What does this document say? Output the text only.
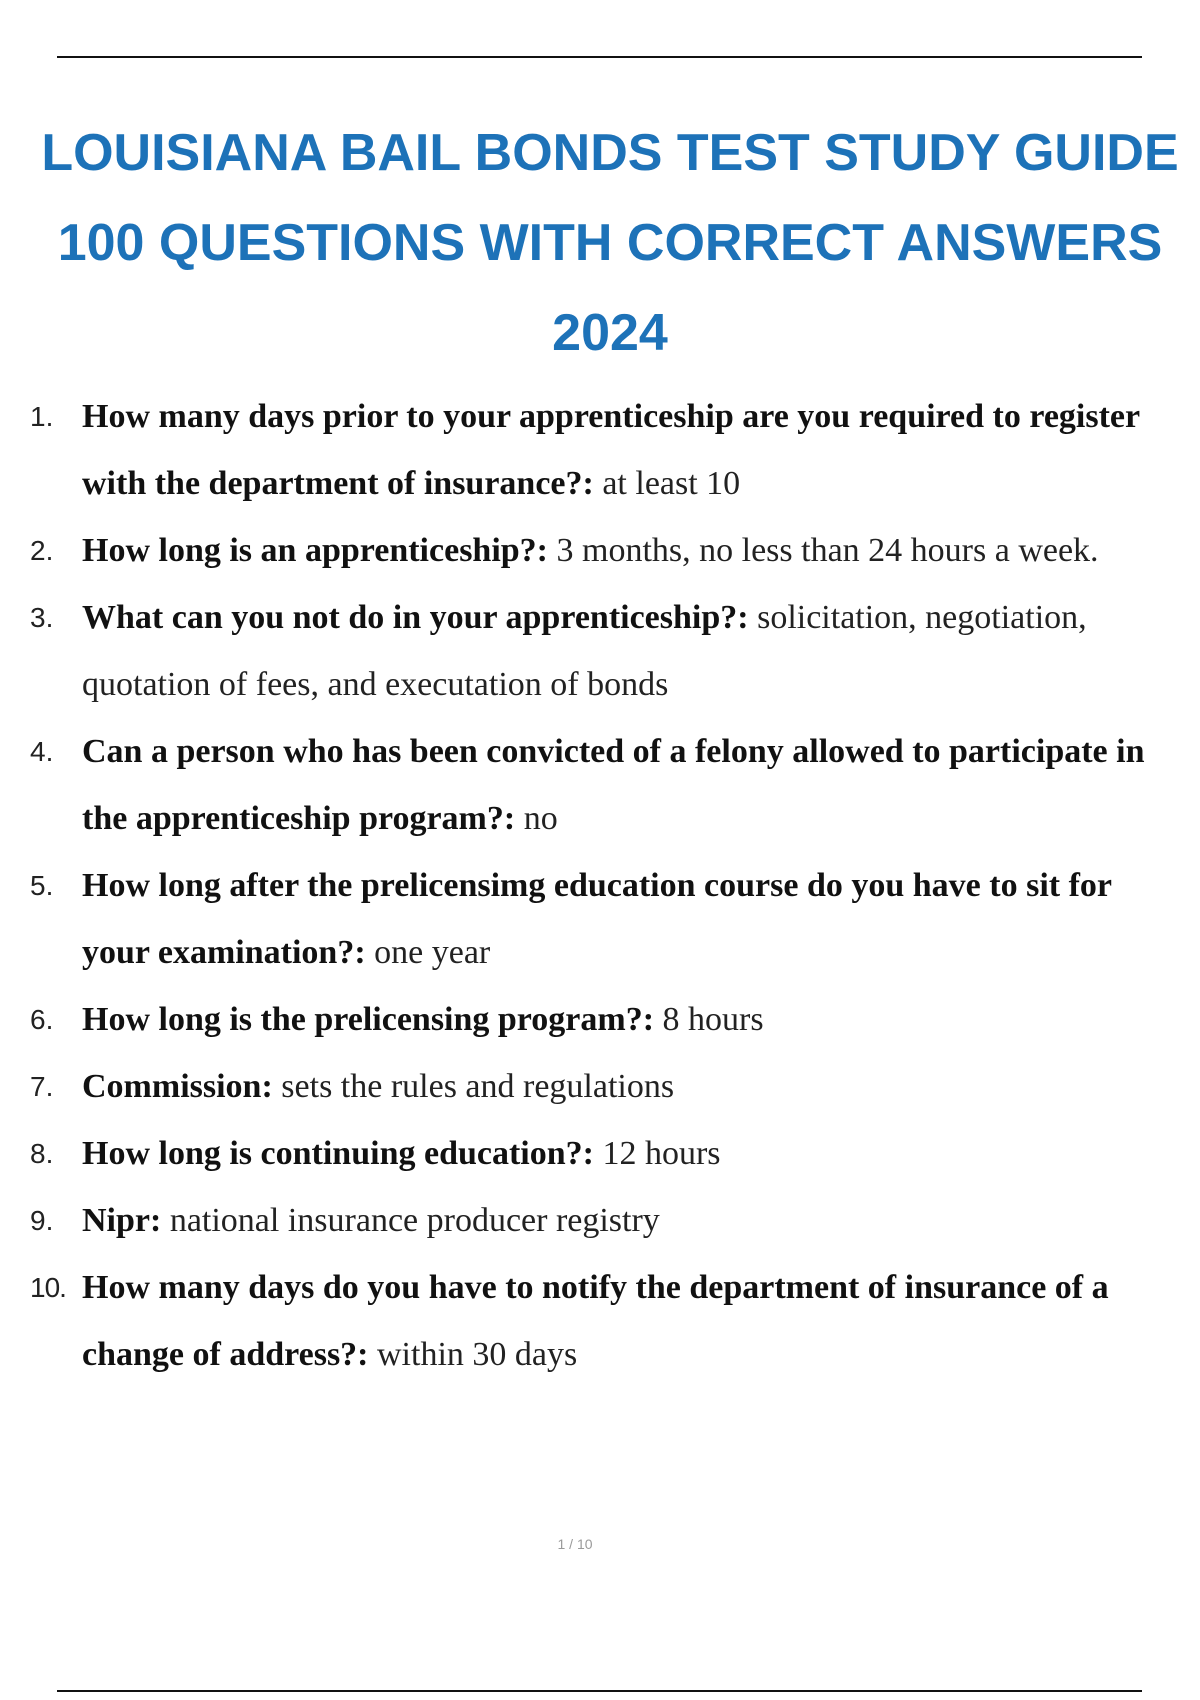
LOUISIANA BAIL BONDS TEST STUDY GUIDE
100 QUESTIONS WITH CORRECT ANSWERS
2024
1. How many days prior to your apprenticeship are you required to register with the department of insurance?: at least 10
2. How long is an apprenticeship?: 3 months, no less than 24 hours a week.
3. What can you not do in your apprenticeship?: solicitation, negotiation, quotation of fees, and executation of bonds
4. Can a person who has been convicted of a felony allowed to participate in the apprenticeship program?: no
5. How long after the prelicensimg education course do you have to sit for your examination?: one year
6. How long is the prelicensing program?: 8 hours
7. Commission: sets the rules and regulations
8. How long is continuing education?: 12 hours
9. Nipr: national insurance producer registry
10. How many days do you have to notify the department of insurance of a change of address?: within 30 days
1 / 10
